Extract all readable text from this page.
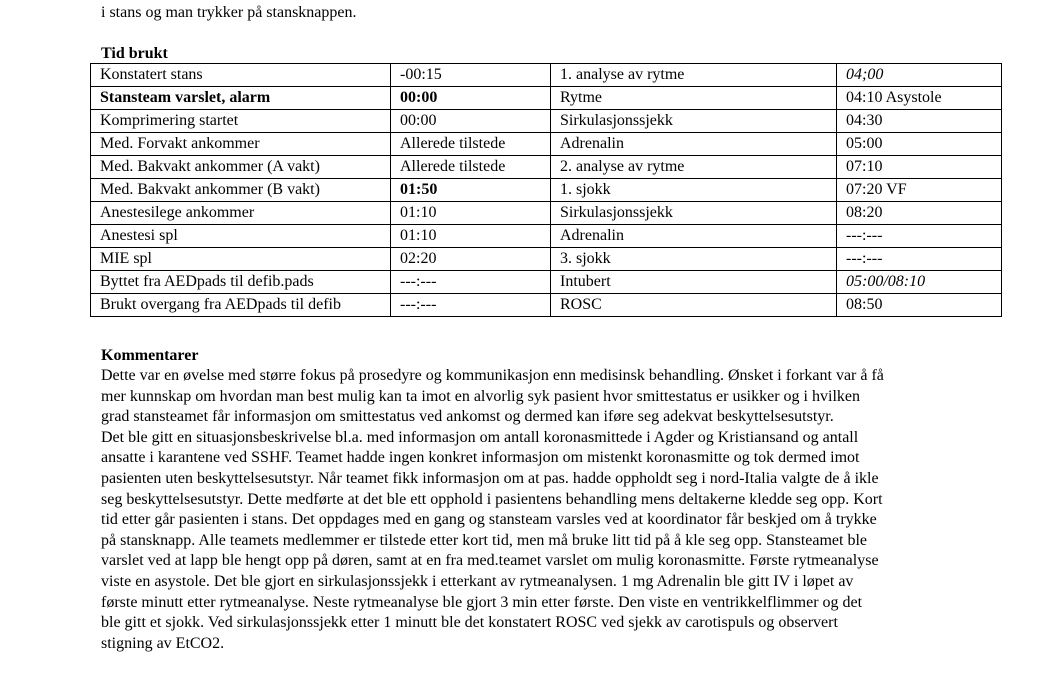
i stans og man trykker på stansknappen.
Tid brukt
Konstatert stans	-00:15	1. analyse av rytme	04;00
Stansteam varslet, alarm	00:00	Rytme	04:10 Asystole
Komprimering startet	00:00	Sirkulasjonssjekk	04:30
Med. Forvakt ankommer	Allerede tilstede	Adrenalin	05:00
Med. Bakvakt ankommer (A vakt)	Allerede tilstede	2. analyse av rytme	07:10
Med. Bakvakt ankommer (B vakt)	01:50	1. sjokk	07:20 VF
Anestesilege ankommer	01:10	Sirkulasjonssjekk	08:20
Anestesi spl	01:10	Adrenalin	---:---
MIE spl	02:20	3. sjokk	---:---
Byttet fra AEDpads til defib.pads	---:---	Intubert	05:00/08:10
Brukt overgang fra AEDpads til defib	---:---	ROSC	08:50
Kommentarer
Dette var en øvelse med større fokus på prosedyre og kommunikasjon enn medisinsk behandling. Ønsket i forkant var å få
mer kunnskap om hvordan man best mulig kan ta imot en alvorlig syk pasient hvor smittestatus er usikker og i hvilken
grad stansteamet får informasjon om smittestatus ved ankomst og dermed kan iføre seg adekvat beskyttelsesutstyr.
Det ble gitt en situasjonsbeskrivelse bl.a. med informasjon om antall koronasmittede i Agder og Kristiansand og antall
ansatte i karantene ved SSHF. Teamet hadde ingen konkret informasjon om mistenkt koronasmitte og tok dermed imot
pasienten uten beskyttelsesutstyr. Når teamet fikk informasjon om at pas. hadde oppholdt seg i nord-Italia valgte de å ikle
seg beskyttelsesutstyr. Dette medførte at det ble ett opphold i pasientens behandling mens deltakerne kledde seg opp. Kort
tid etter går pasienten i stans. Det oppdages med en gang og stansteam varsles ved at koordinator får beskjed om å trykke
på stansknapp. Alle teamets medlemmer er tilstede etter kort tid, men må bruke litt tid på å kle seg opp. Stansteamet ble
varslet ved at lapp ble hengt opp på døren, samt at en fra med.teamet varslet om mulig koronasmitte. Første rytmeanalyse
viste en asystole. Det ble gjort en sirkulasjonssjekk i etterkant av rytmeanalysen. 1 mg Adrenalin ble gitt IV i løpet av
første minutt etter rytmeanalyse. Neste rytmeanalyse ble gjort 3 min etter første. Den viste en ventrikkelflimmer og det
ble gitt et sjokk. Ved sirkulasjonssjekk etter 1 minutt ble det konstatert ROSC ved sjekk av carotispuls og observert
stigning av EtCO2.
